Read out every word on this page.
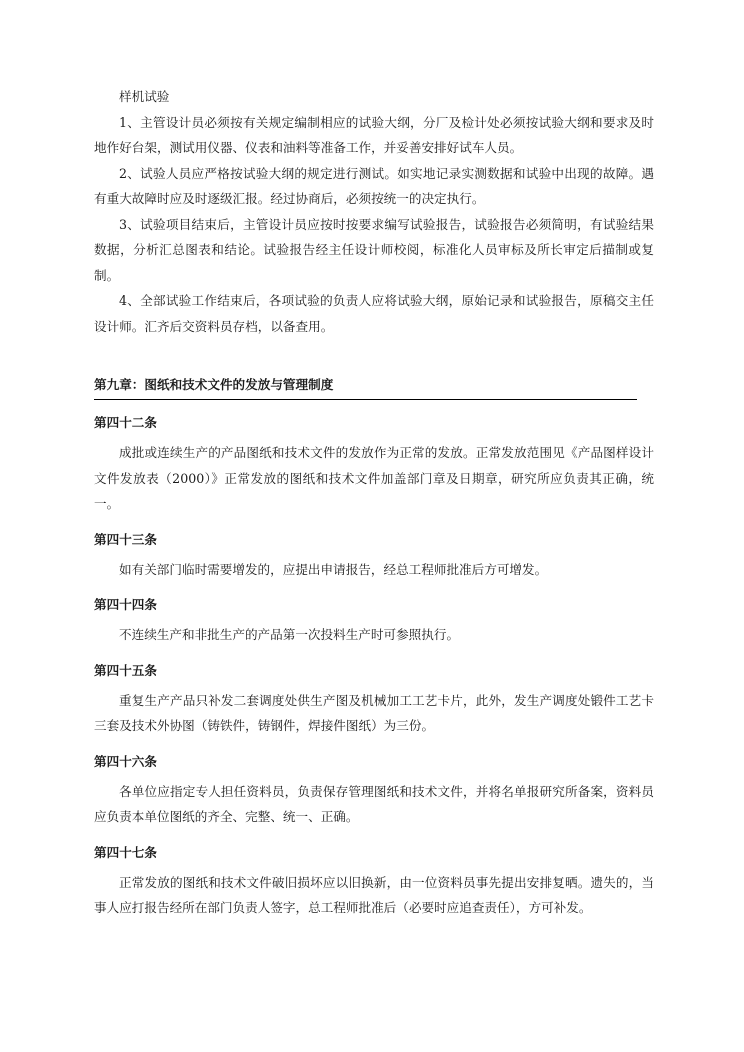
样机试验

1、主管设计员必须按有关规定编制相应的试验大纲，分厂及检计处必须按试验大纲和要求及时地作好台架，测试用仪器、仪表和油料等准备工作，并妥善安排好试车人员。

2、试验人员应严格按试验大纲的规定进行测试。如实地记录实测数据和试验中出现的故障。遇有重大故障时应及时逐级汇报。经过协商后，必须按统一的决定执行。

3、试验项目结束后，主管设计员应按时按要求编写试验报告，试验报告必须简明，有试验结果数据，分析汇总图表和结论。试验报告经主任设计师校阅，标准化人员审标及所长审定后描制或复制。

4、全部试验工作结束后，各项试验的负责人应将试验大纲，原始记录和试验报告，原稿交主任设计师。汇齐后交资料员存档，以备查用。

第九章：图纸和技术文件的发放与管理制度
第四十二条

成批或连续生产的产品图纸和技术文件的发放作为正常的发放。正常发放范围见《产品图样设计文件发放表（2000）》正常发放的图纸和技术文件加盖部门章及日期章，研究所应负责其正确，统一。

第四十三条

如有关部门临时需要增发的，应提出申请报告，经总工程师批准后方可增发。

第四十四条

不连续生产和非批生产的产品第一次投料生产时可参照执行。

第四十五条

重复生产产品只补发二套调度处供生产图及机械加工工艺卡片，此外，发生产调度处锻件工艺卡三套及技术外协图（铸铁件，铸钢件，焊接件图纸）为三份。

第四十六条

各单位应指定专人担任资料员，负责保存管理图纸和技术文件，并将名单报研究所备案，资料员应负责本单位图纸的齐全、完整、统一、正确。

第四十七条

正常发放的图纸和技术文件破旧损坏应以旧换新，由一位资料员事先提出安排复晒。遗失的，当事人应打报告经所在部门负责人签字，总工程师批准后（必要时应追查责任），方可补发。
